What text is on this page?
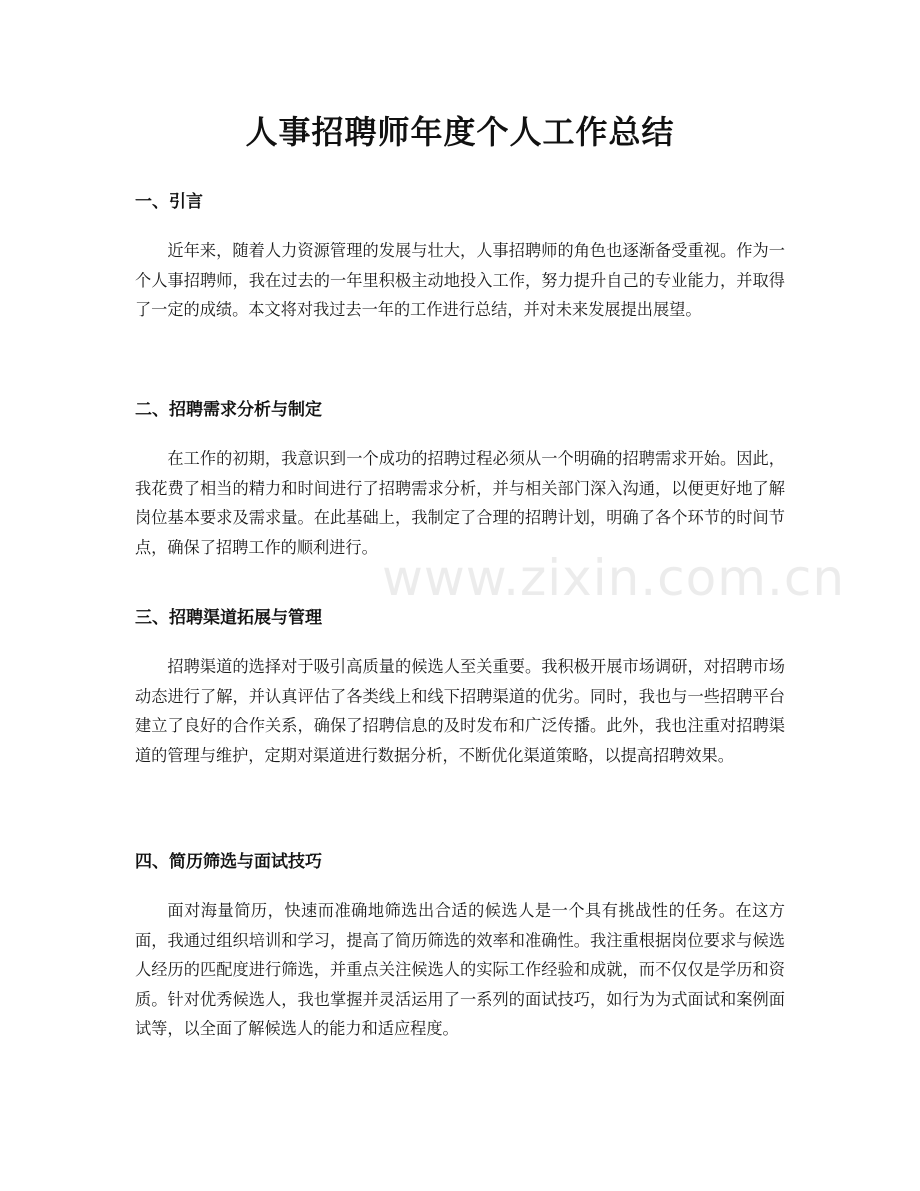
人事招聘师年度个人工作总结
一、引言

近年来，随着人力资源管理的发展与壮大，人事招聘师的角色也逐渐备受重视。作为一个人事招聘师，我在过去的一年里积极主动地投入工作，努力提升自己的专业能力，并取得了一定的成绩。本文将对我过去一年的工作进行总结，并对未来发展提出展望。

二、招聘需求分析与制定

在工作的初期，我意识到一个成功的招聘过程必须从一个明确的招聘需求开始。因此，我花费了相当的精力和时间进行了招聘需求分析，并与相关部门深入沟通，以便更好地了解岗位基本要求及需求量。在此基础上，我制定了合理的招聘计划，明确了各个环节的时间节点，确保了招聘工作的顺利进行。

三、招聘渠道拓展与管理

招聘渠道的选择对于吸引高质量的候选人至关重要。我积极开展市场调研，对招聘市场动态进行了解，并认真评估了各类线上和线下招聘渠道的优劣。同时，我也与一些招聘平台建立了良好的合作关系，确保了招聘信息的及时发布和广泛传播。此外，我也注重对招聘渠道的管理与维护，定期对渠道进行数据分析，不断优化渠道策略，以提高招聘效果。

四、简历筛选与面试技巧

面对海量简历，快速而准确地筛选出合适的候选人是一个具有挑战性的任务。在这方面，我通过组织培训和学习，提高了简历筛选的效率和准确性。我注重根据岗位要求与候选人经历的匹配度进行筛选，并重点关注候选人的实际工作经验和成就，而不仅仅是学历和资质。针对优秀候选人，我也掌握并灵活运用了一系列的面试技巧，如行为为式面试和案例面试等，以全面了解候选人的能力和适应程度。

www.zixin.com.cn
